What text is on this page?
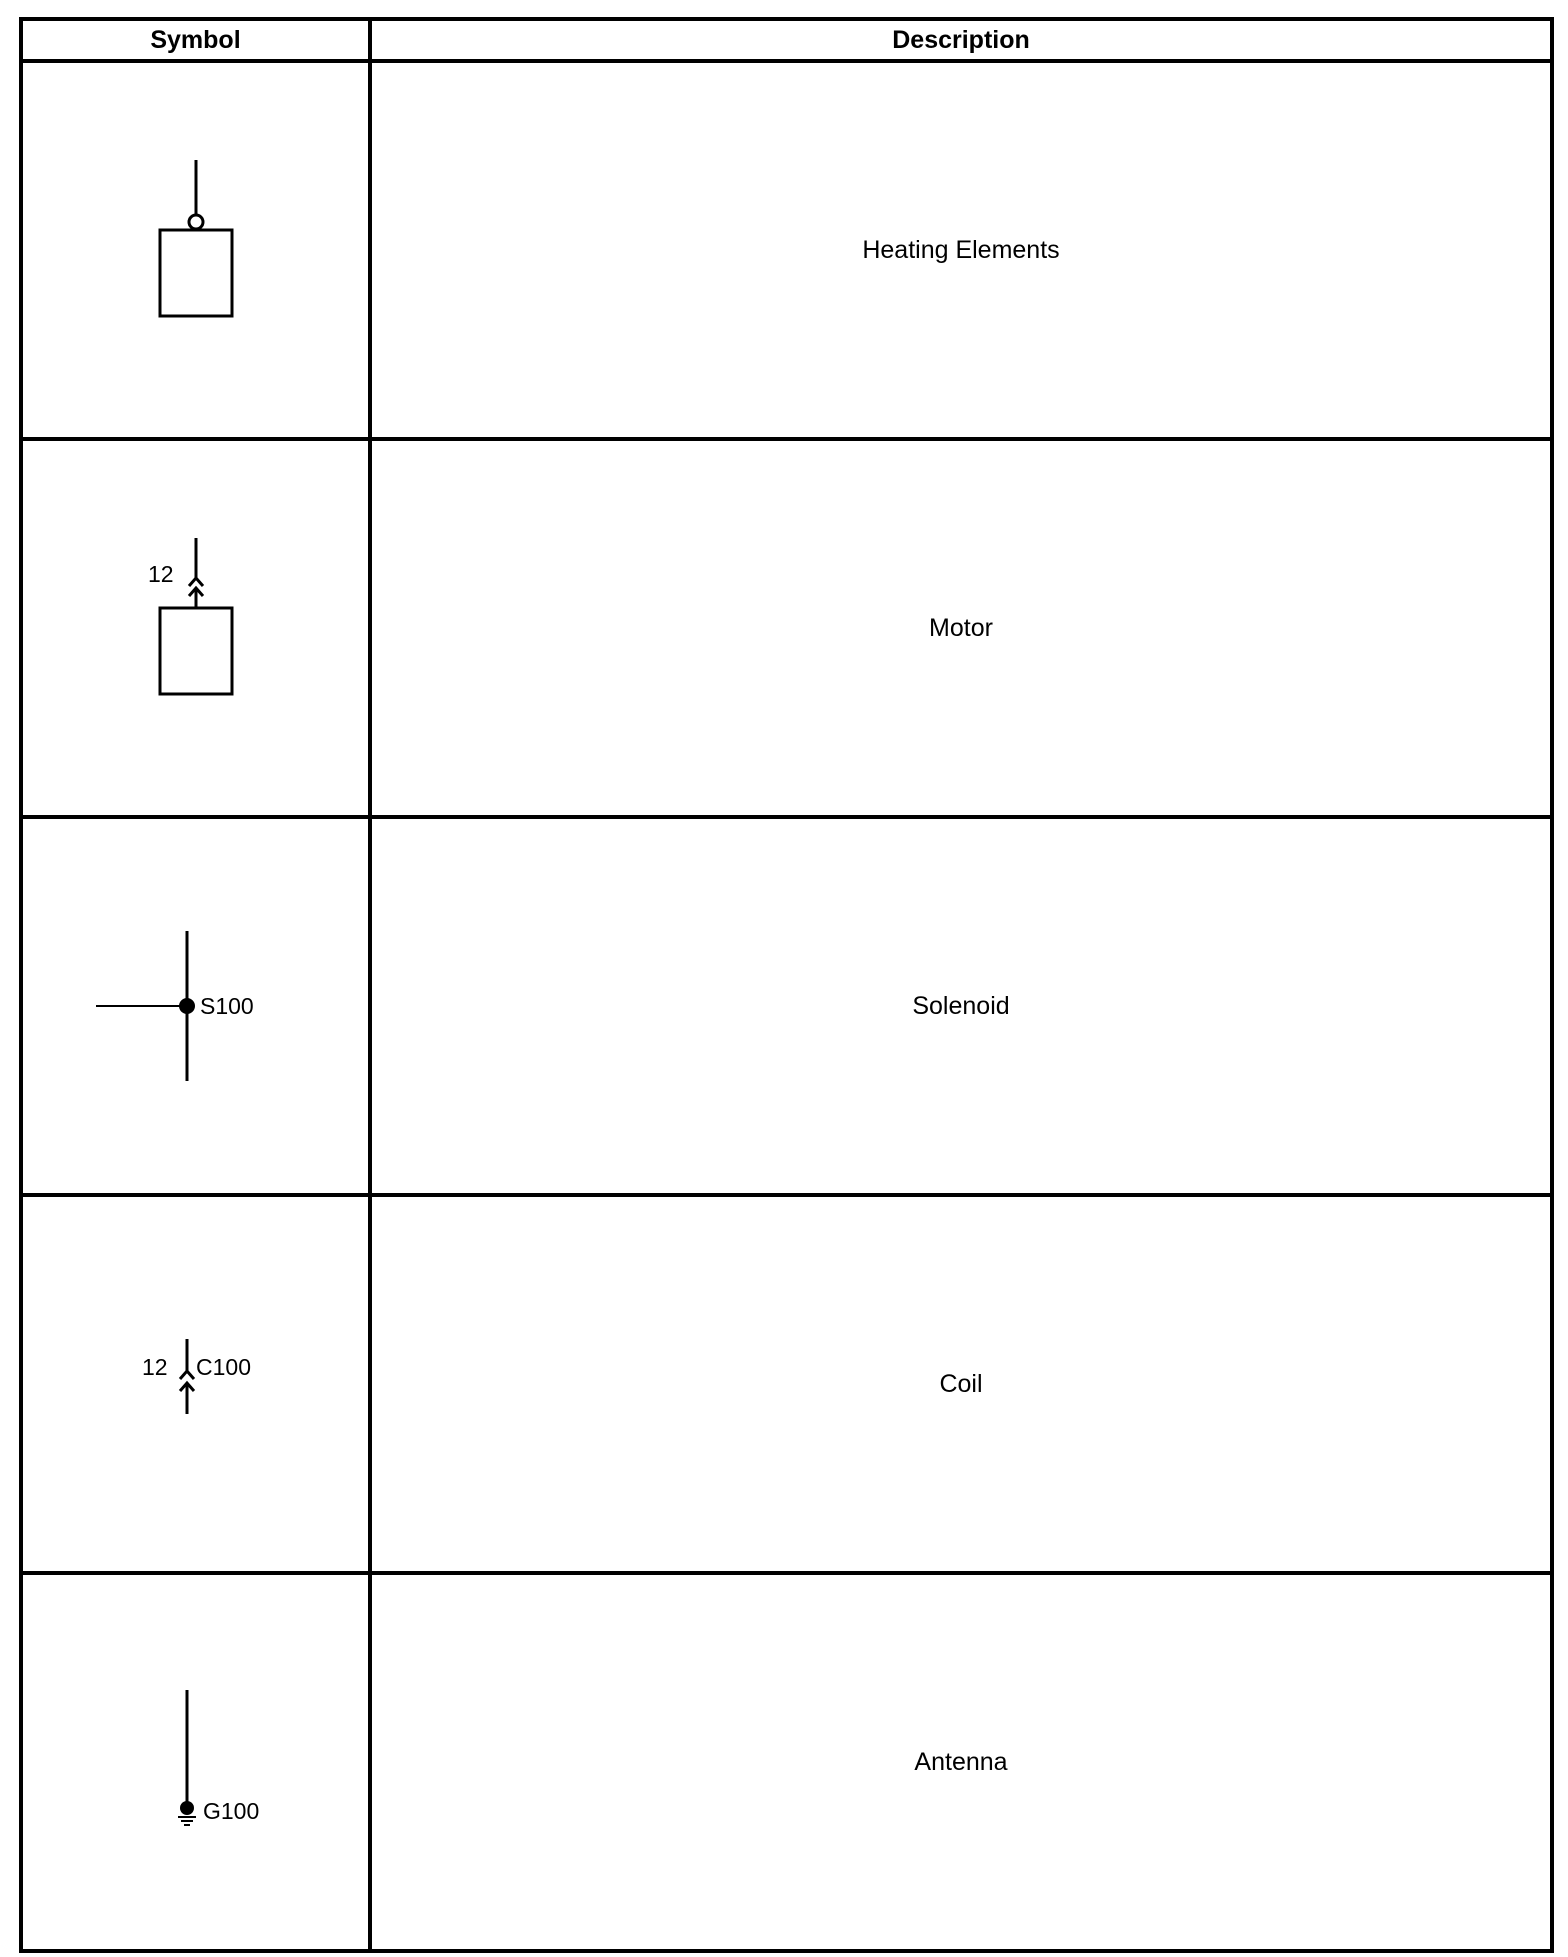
Symbol	Description

	Heating Elements

12	Motor

S100	Solenoid

12 C100	Coil

G100	Antenna
